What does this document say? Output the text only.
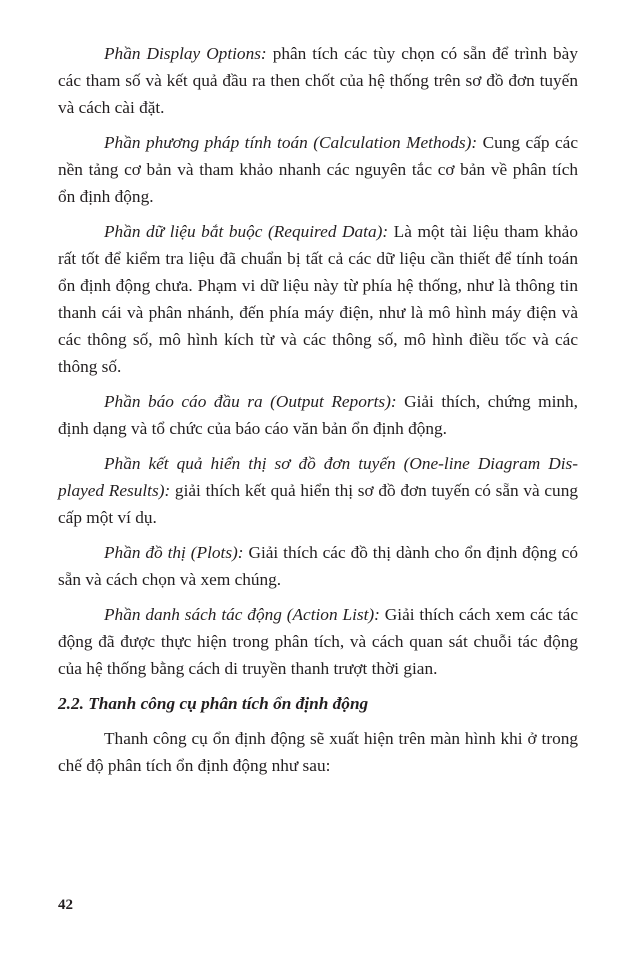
Phần Display Options: phân tích các tùy chọn có sẵn để trình bày các tham số và kết quả đầu ra then chốt của hệ thống trên sơ đồ đơn tuyến và cách cài đặt.

Phần phương pháp tính toán (Calculation Methods): Cung cấp các nền tảng cơ bản và tham khảo nhanh các nguyên tắc cơ bản về phân tích ổn định động.

Phần dữ liệu bắt buộc (Required Data): Là một tài liệu tham khảo rất tốt để kiểm tra liệu đã chuẩn bị tất cả các dữ liệu cần thiết để tính toán ổn định động chưa. Phạm vi dữ liệu này từ phía hệ thống, như là thông tin thanh cái và phân nhánh, đến phía máy điện, như là mô hình máy điện và các thông số, mô hình kích từ và các thông số, mô hình điều tốc và các thông số.

Phần báo cáo đầu ra (Output Reports): Giải thích, chứng minh, định dạng và tổ chức của báo cáo văn bản ổn định động.

Phần kết quả hiển thị sơ đồ đơn tuyến (One-line Diagram Dis-played Results): giải thích kết quả hiển thị sơ đồ đơn tuyến có sẵn và cung cấp một ví dụ.

Phần đồ thị (Plots): Giải thích các đồ thị dành cho ổn định động có sẵn và cách chọn và xem chúng.

Phần danh sách tác động (Action List): Giải thích cách xem các tác động đã được thực hiện trong phân tích, và cách quan sát chuỗi tác động của hệ thống bằng cách di truyền thanh trượt thời gian.

2.2. Thanh công cụ phân tích ổn định động

Thanh công cụ ổn định động sẽ xuất hiện trên màn hình khi ở trong chế độ phân tích ổn định động như sau:

42
